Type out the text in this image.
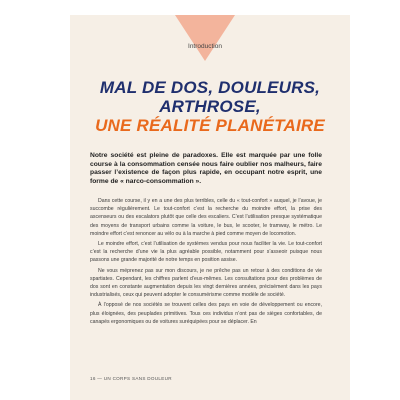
Introduction
MAL DE DOS, DOULEURS,
ARTHROSE,
UNE RÉALITÉ PLANÉTAIRE
Notre société est pleine de paradoxes. Elle est marquée par une folle course à la consommation censée nous faire oublier nos malheurs, faire passer l’existence de façon plus rapide, en occupant notre esprit, une forme de « narco-consommation ».

Dans cette course, il y en a une des plus terribles, celle du « tout-confort » auquel, je l’avoue, je succombe régulièrement. Le tout-confort c’est la recherche du moindre effort, la prise des ascenseurs ou des escalators plutôt que celle des escaliers. C’est l’utilisation presque systématique des moyens de transport urbains comme la voiture, le bus, le scooter, le tramway, le métro. Le moindre effort c’est renoncer au vélo ou à la marche à pied comme moyen de locomotion.

Le moindre effort, c’est l’utilisation de systèmes vendus pour nous faciliter la vie. Le tout-confort c’est la recherche d’une vie la plus agréable possible, notamment pour s’asseoir puisque nous passons une grande majorité de notre temps en position assise.

Ne vous méprenez pas sur mon discours, je ne prêche pas un retour à des conditions de vie spartiates. Cependant, les chiffres parlent d’eux-mêmes. Les consultations pour des problèmes de dos sont en constante augmentation depuis les vingt dernières années, précisément dans les pays industrialisés, ceux qui peuvent adopter le consumérisme comme modèle de société.

À l’opposé de nos sociétés se trouvent celles des pays en voie de développement ou encore, plus éloignées, des peuplades primitives. Tous ces individus n’ont pas de sièges confortables, de canapés ergonomiques ou de voitures suréquipées pour se déplacer. En

16 — UN CORPS SANS DOULEUR
